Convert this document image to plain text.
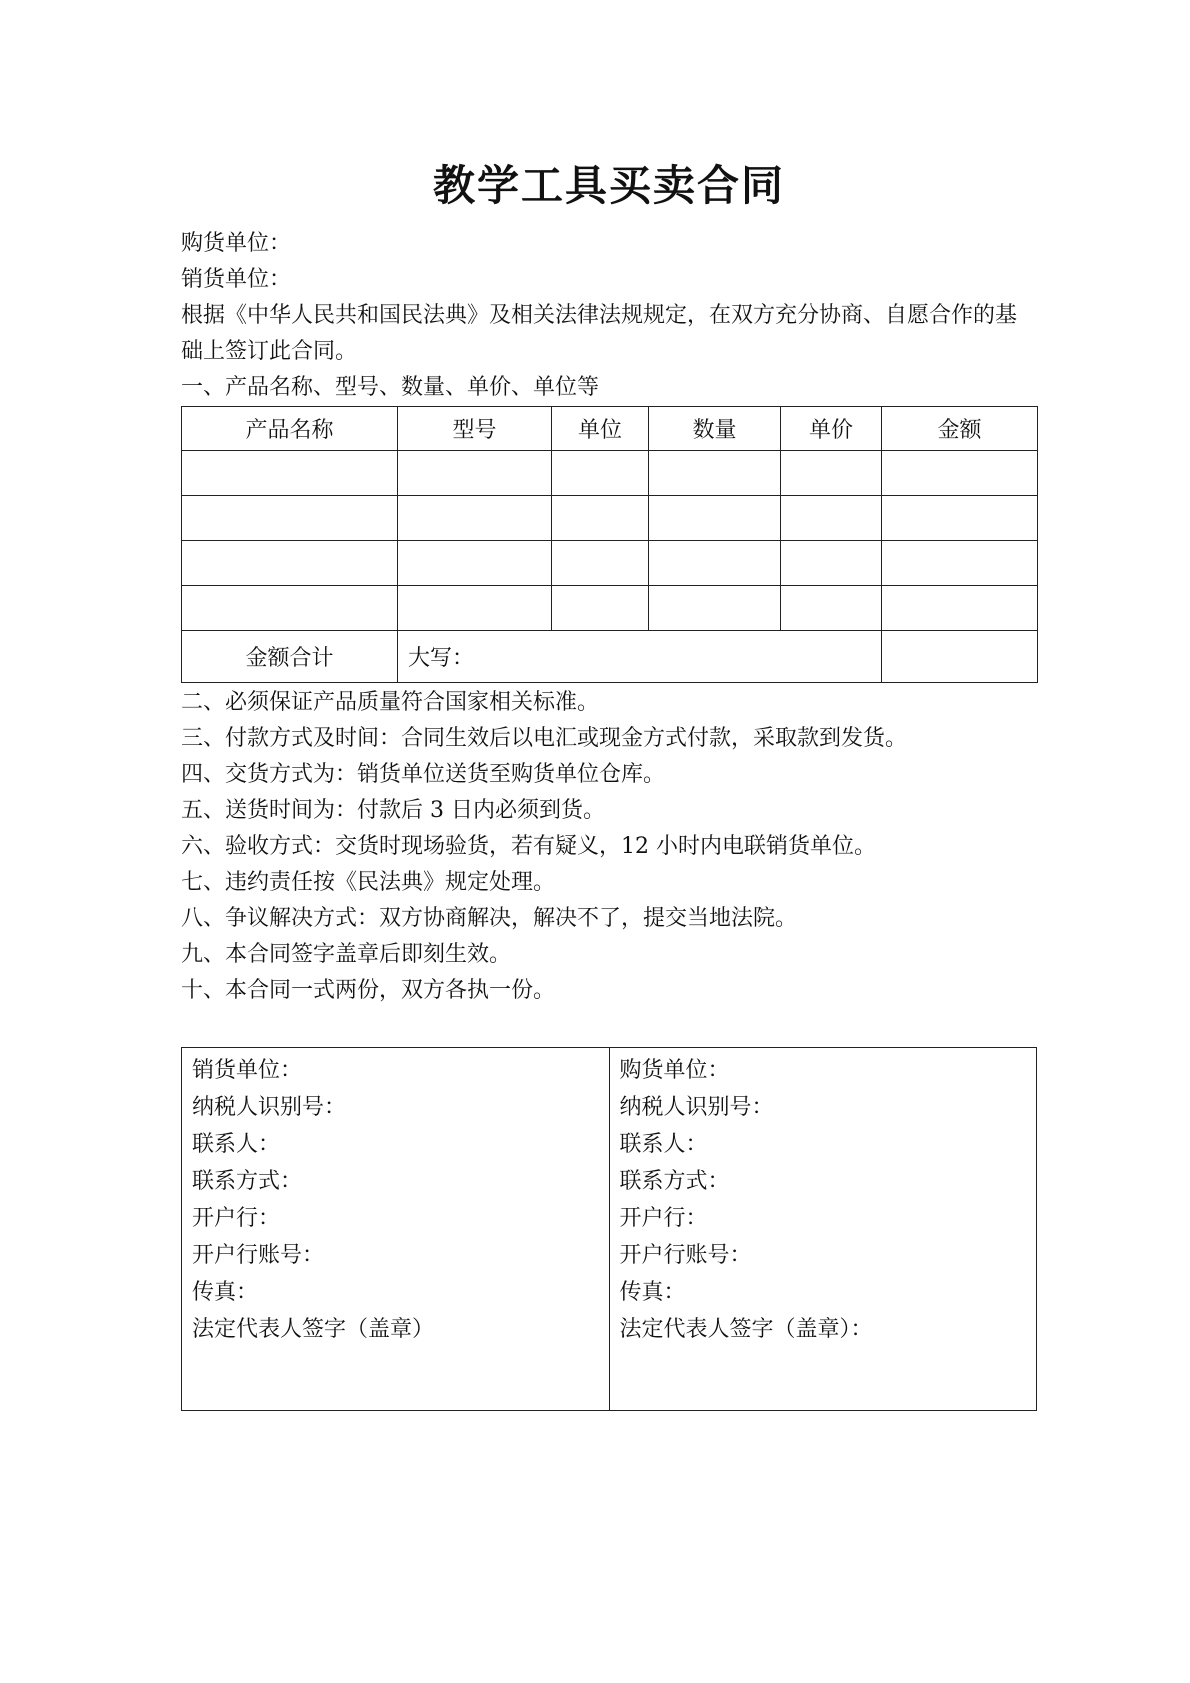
教学工具买卖合同
购货单位：
销货单位：
根据《中华人民共和国民法典》及相关法律法规规定，在双方充分协商、自愿合作的基础上签订此合同。
一、产品名称、型号、数量、单价、单位等
产品名称	型号	单位	数量	单价	金额

金额合计	大写：				
二、必须保证产品质量符合国家相关标准。
三、付款方式及时间：合同生效后以电汇或现金方式付款，采取款到发货。
四、交货方式为：销货单位送货至购货单位仓库。
五、送货时间为：付款后 3 日内必须到货。
六、验收方式：交货时现场验货，若有疑义，12 小时内电联销货单位。
七、违约责任按《民法典》规定处理。
八、争议解决方式：双方协商解决，解决不了，提交当地法院。
九、本合同签字盖章后即刻生效。
十、本合同一式两份，双方各执一份。
销货单位：
纳税人识别号：
联系人：
联系方式：
开户行：
开户行账号：
传真：
法定代表人签字（盖章）

购货单位：
纳税人识别号：
联系人：
联系方式：
开户行：
开户行账号：
传真：
法定代表人签字（盖章）：
